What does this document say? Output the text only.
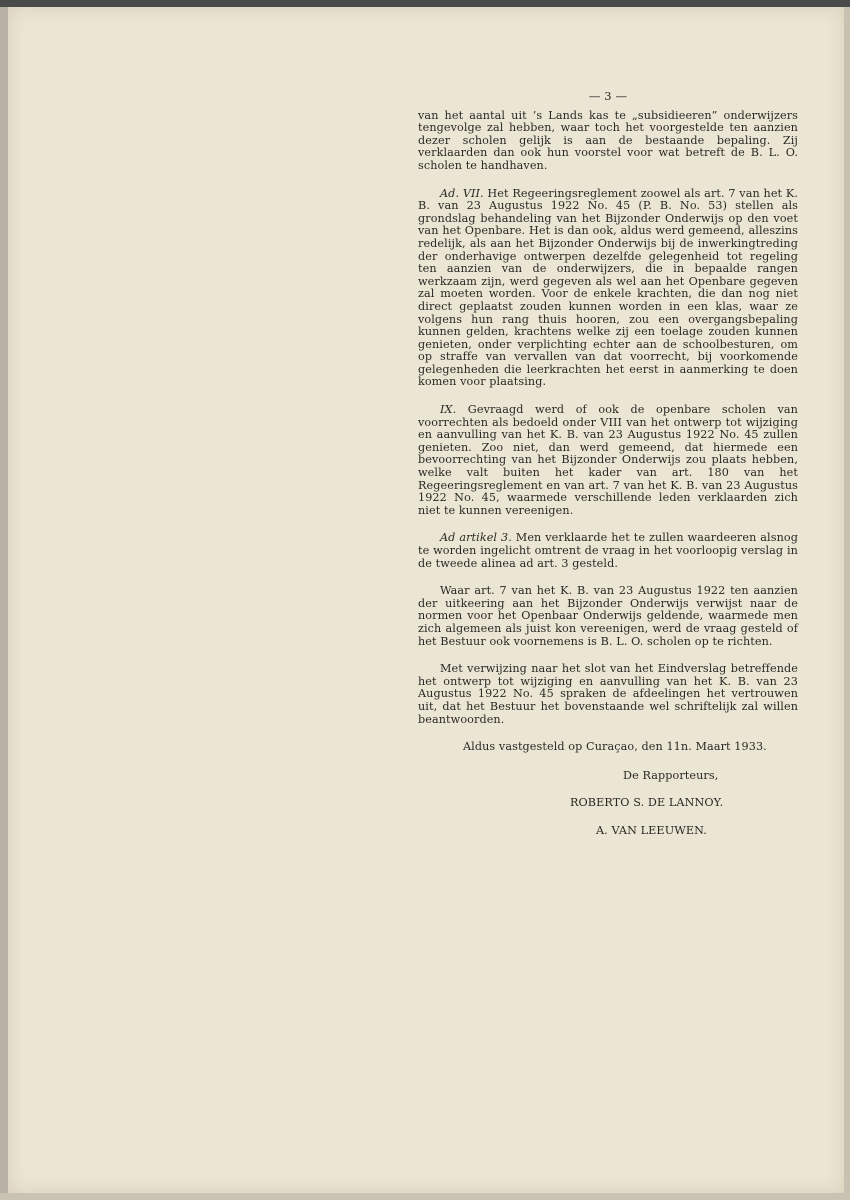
— 3 —

van het aantal uit ’s Lands kas te „subsidieeren” onderwijzers tengevolge zal hebben, waar toch het voorgestelde ten aanzien dezer scholen gelijk is aan de bestaande bepaling. Zij verklaarden dan ook hun voorstel voor wat betreft de B. L. O. scholen te handhaven.

Ad. VII. Het Regeeringsreglement zoowel als art. 7 van het K. B. van 23 Augustus 1922 No. 45 (P. B. No. 53) stellen als grondslag behandeling van het Bijzonder Onderwijs op den voet van het Openbare. Het is dan ook, aldus werd gemeend, alleszins redelijk, als aan het Bijzonder Onderwijs bij de inwerkingtreding der onderhavige ontwerpen dezelfde gelegenheid tot regeling ten aanzien van de onderwijzers, die in bepaalde rangen werkzaam zijn, werd gegeven als wel aan het Openbare gegeven zal moeten worden. Voor de enkele krachten, die dan nog niet direct geplaatst zouden kunnen worden in een klas, waar ze volgens hun rang thuis hooren, zou een overgangsbepaling kunnen gelden, krachtens welke zij een toelage zouden kunnen genieten, onder verplichting echter aan de schoolbesturen, om op straffe van vervallen van dat voorrecht, bij voorkomende gelegenheden die leerkrachten het eerst in aanmerking te doen komen voor plaatsing.

IX. Gevraagd werd of ook de openbare scholen van voorrechten als bedoeld onder VIII van het ontwerp tot wijziging en aanvulling van het K. B. van 23 Augustus 1922 No. 45 zullen genieten. Zoo niet, dan werd gemeend, dat hiermede een bevoorrechting van het Bijzonder Onderwijs zou plaats hebben, welke valt buiten het kader van art. 180 van het Regeeringsreglement en van art. 7 van het K. B. van 23 Augustus 1922 No. 45, waarmede verschillende leden verklaarden zich niet te kunnen vereenigen.

Ad artikel 3. Men verklaarde het te zullen waardeeren alsnog te worden ingelicht omtrent de vraag in het voorloopig verslag in de tweede alinea ad art. 3 gesteld.

Waar art. 7 van het K. B. van 23 Augustus 1922 ten aanzien der uitkeering aan het Bijzonder Onderwijs verwijst naar de normen voor het Openbaar Onderwijs geldende, waarmede men zich algemeen als juist kon vereenigen, werd de vraag gesteld of het Bestuur ook voornemens is B. L. O. scholen op te richten.

Met verwijzing naar het slot van het Eindverslag betreffende het ontwerp tot wijziging en aanvulling van het K. B. van 23 Augustus 1922 No. 45 spraken de afdeelingen het vertrouwen uit, dat het Bestuur het bovenstaande wel schriftelijk zal willen beantwoorden.

Aldus vastgesteld op Curaçao, den 11n. Maart 1933.
De Rapporteurs,
ROBERTO S. DE LANNOY.
A. VAN LEEUWEN.
